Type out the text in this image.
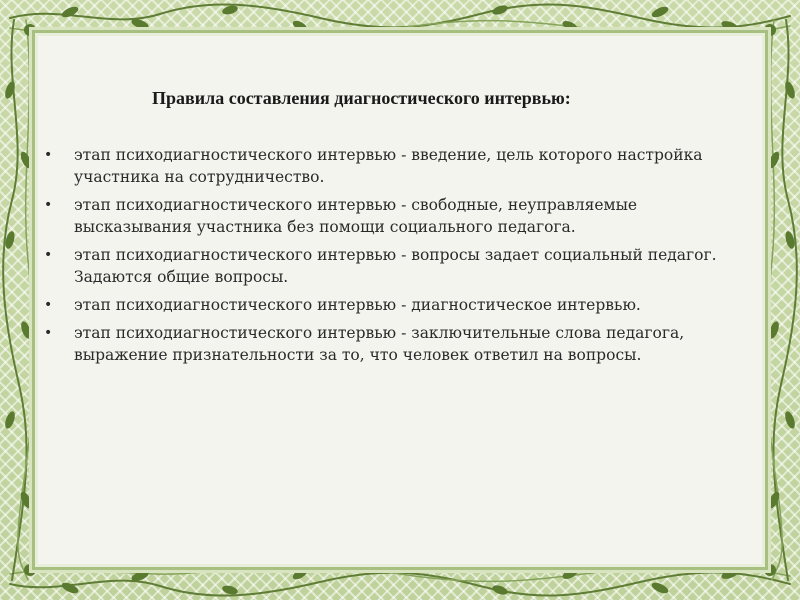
Правила составления диагностического интервью:
• этап психодиагностического интервью - введение, цель которого настройка участника на сотрудничество.
• этап психодиагностического интервью - свободные, неуправляемые высказывания участника без помощи социального педагога.
• этап психодиагностического интервью - вопросы задает социальный педагог. Задаются общие вопросы.
• этап психодиагностического интервью - диагностическое интервью.
• этап психодиагностического интервью - заключительные слова педагога, выражение признательности за то, что человек ответил на вопросы.
